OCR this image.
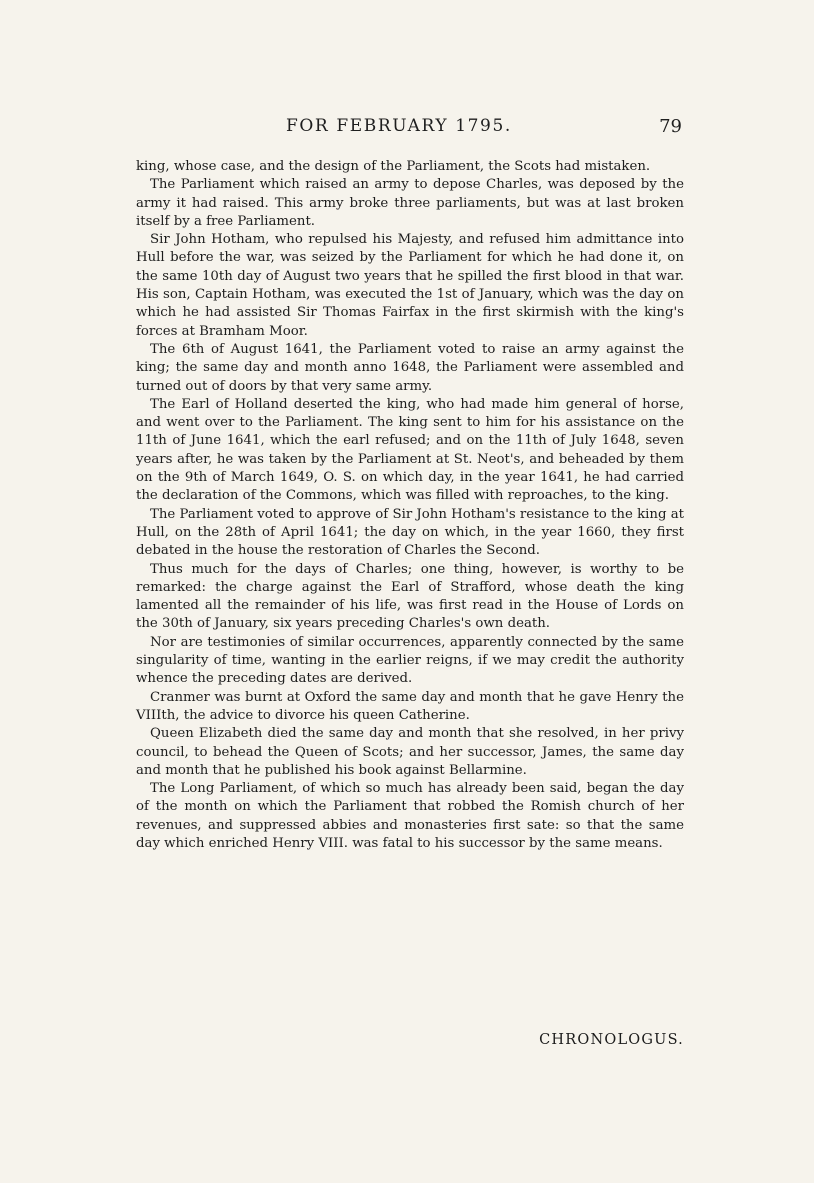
FOR FEBRUARY 1795.	79

king, whose case, and the design of the Parliament, the Scots had mistaken.

The Parliament which raised an army to depose Charles, was deposed by the army it had raised. This army broke three parliaments, but was at last broken itself by a free Parliament.

Sir John Hotham, who repulsed his Majesty, and refused him admittance into Hull before the war, was seized by the Parliament for which he had done it, on the same 10th day of August two years that he spilled the first blood in that war. His son, Captain Hotham, was executed the 1st of January, which was the day on which he had assisted Sir Thomas Fairfax in the first skirmish with the king's forces at Bramham Moor.

The 6th of August 1641, the Parliament voted to raise an army against the king; the same day and month anno 1648, the Parliament were assembled and turned out of doors by that very same army.

The Earl of Holland deserted the king, who had made him general of horse, and went over to the Parliament. The king sent to him for his assistance on the 11th of June 1641, which the earl refused; and on the 11th of July 1648, seven years after, he was taken by the Parliament at St. Neot's, and beheaded by them on the 9th of March 1649, O. S. on which day, in the year 1641, he had carried the declaration of the Commons, which was filled with reproaches, to the king.

The Parliament voted to approve of Sir John Hotham's resistance to the king at Hull, on the 28th of April 1641; the day on which, in the year 1660, they first debated in the house the restoration of Charles the Second.

Thus much for the days of Charles; one thing, however, is worthy to be remarked: the charge against the Earl of Strafford, whose death the king lamented all the remainder of his life, was first read in the House of Lords on the 30th of January, six years preceding Charles's own death.

Nor are testimonies of similar occurrences, apparently connected by the same singularity of time, wanting in the earlier reigns, if we may credit the authority whence the preceding dates are derived.

Cranmer was burnt at Oxford the same day and month that he gave Henry the VIIIth, the advice to divorce his queen Catherine.

Queen Elizabeth died the same day and month that she resolved, in her privy council, to behead the Queen of Scots; and her successor, James, the same day and month that he published his book against Bellarmine.

The Long Parliament, of which so much has already been said, began the day of the month on which the Parliament that robbed the Romish church of her revenues, and suppressed abbies and monasteries first sate: so that the same day which enriched Henry VIII. was fatal to his successor by the same means.

CHRONOLOGUS.
